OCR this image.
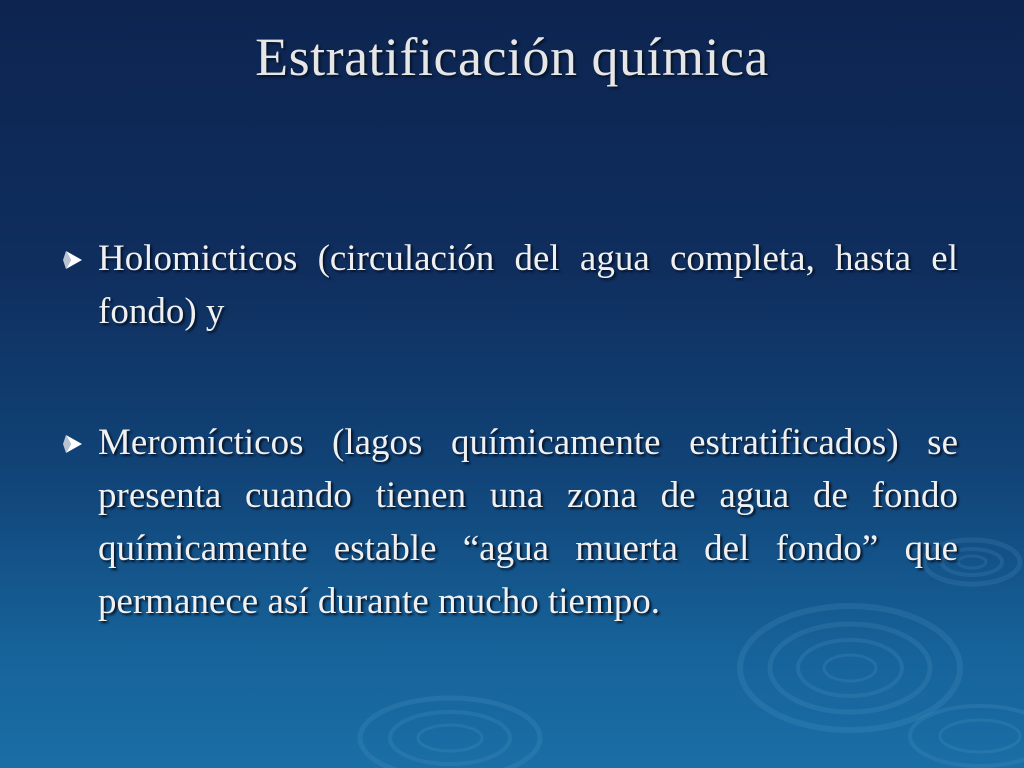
Estratificación química
Holomicticos (circulación del agua completa, hasta el fondo) y
Meromícticos (lagos químicamente estratificados) se presenta cuando tienen una zona de agua de fondo químicamente estable “agua muerta del fondo” que permanece así durante mucho tiempo.
